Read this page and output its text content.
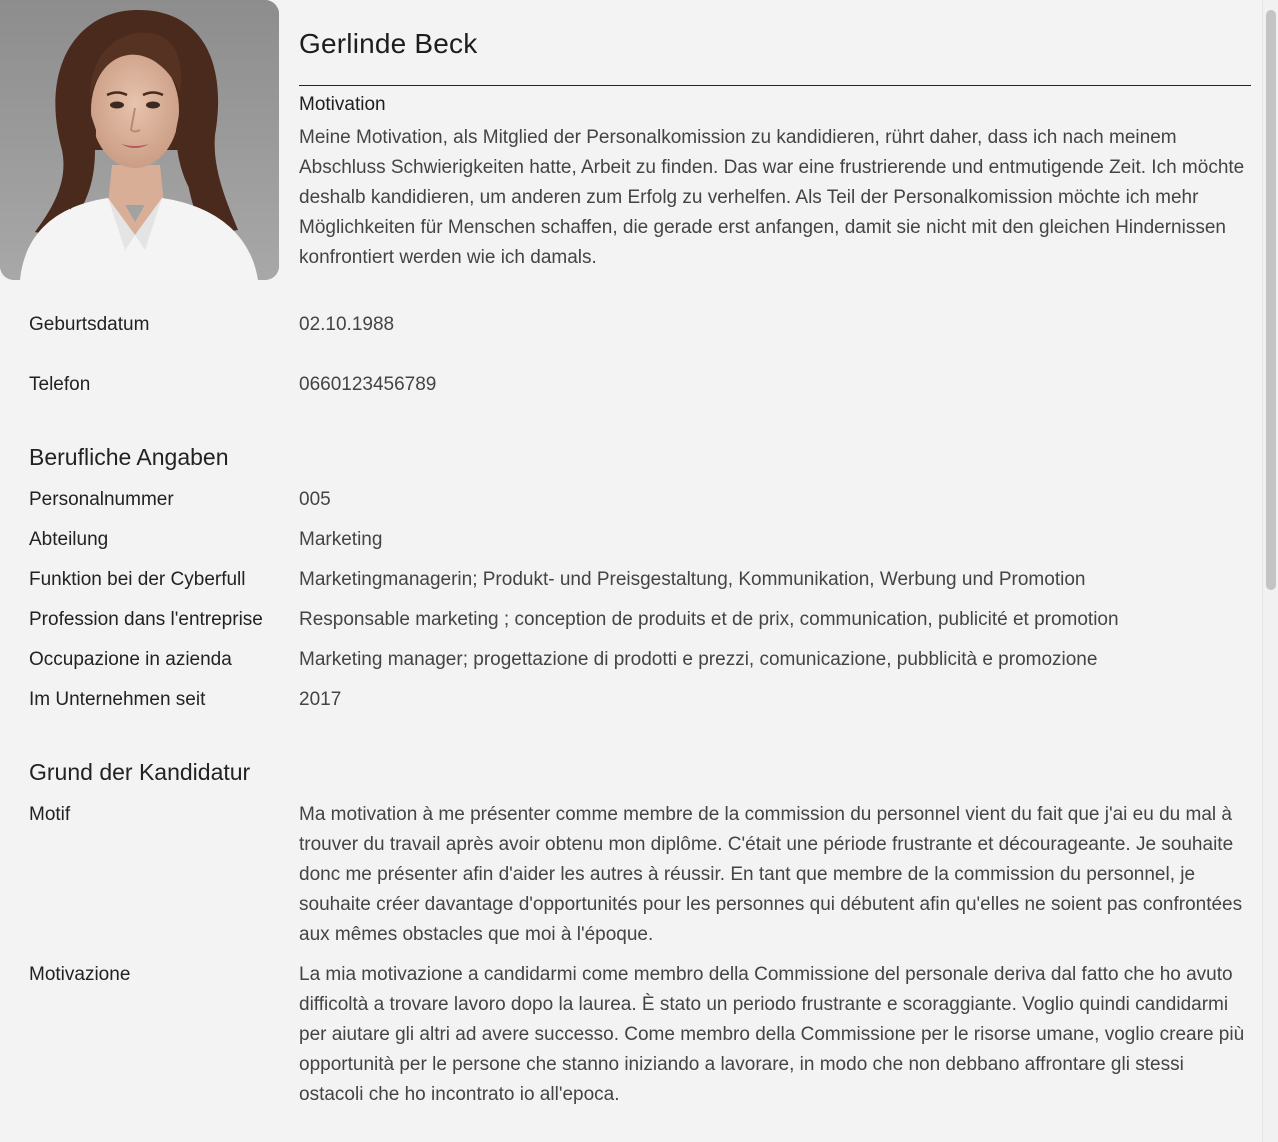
Gerlinde Beck
Motivation
Meine Motivation, als Mitglied der Personalkomission zu kandidieren, rührt daher, dass ich nach meinem Abschluss Schwierigkeiten hatte, Arbeit zu finden. Das war eine frustrierende und entmutigende Zeit. Ich möchte deshalb kandidieren, um anderen zum Erfolg zu verhelfen. Als Teil der Personalkomission möchte ich mehr Möglichkeiten für Menschen schaffen, die gerade erst anfangen, damit sie nicht mit den gleichen Hindernissen konfrontiert werden wie ich damals.
Geburtsdatum	02.10.1988
Telefon	0660123456789
Berufliche Angaben
Personalnummer	005
Abteilung	Marketing
Funktion bei der Cyberfull	Marketingmanagerin; Produkt- und Preisgestaltung, Kommunikation, Werbung und Promotion
Profession dans l'entreprise	Responsable marketing ; conception de produits et de prix, communication, publicité et promotion
Occupazione in azienda	Marketing manager; progettazione di prodotti e prezzi, comunicazione, pubblicità e promozione
Im Unternehmen seit	2017
Grund der Kandidatur
Motif	Ma motivation à me présenter comme membre de la commission du personnel vient du fait que j'ai eu du mal à trouver du travail après avoir obtenu mon diplôme. C'était une période frustrante et décourageante. Je souhaite donc me présenter afin d'aider les autres à réussir. En tant que membre de la commission du personnel, je souhaite créer davantage d'opportunités pour les personnes qui débutent afin qu'elles ne soient pas confrontées aux mêmes obstacles que moi à l'époque.
Motivazione	La mia motivazione a candidarmi come membro della Commissione del personale deriva dal fatto che ho avuto difficoltà a trovare lavoro dopo la laurea. È stato un periodo frustrante e scoraggiante. Voglio quindi candidarmi per aiutare gli altri ad avere successo. Come membro della Commissione per le risorse umane, voglio creare più opportunità per le persone che stanno iniziando a lavorare, in modo che non debbano affrontare gli stessi ostacoli che ho incontrato io all'epoca.
